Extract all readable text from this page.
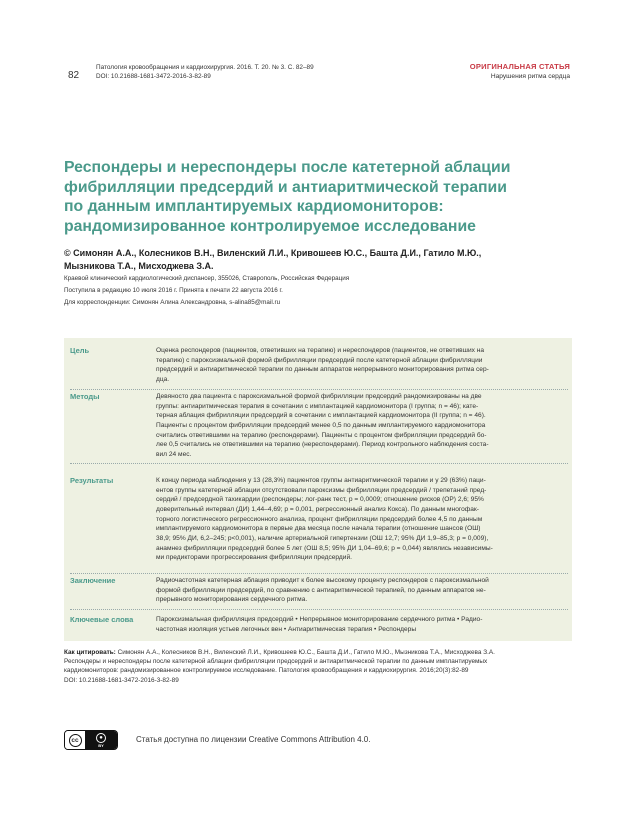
82
Патология кровообращения и кардиохирургия. 2016. Т. 20. № 3. С. 82–89
DOI: 10.21688-1681-3472-2016-3-82-89
ОРИГИНАЛЬНАЯ СТАТЬЯ
Нарушения ритма сердца
Респондеры и нереспондеры после катетерной аблации
фибрилляции предсердий и антиаритмической терапии
по данным имплантируемых кардиомониторов:
рандомизированное контролируемое исследование
© Симонян А.А., Колесников В.Н., Виленский Л.И., Кривошеев Ю.С., Башта Д.И., Гатило М.Ю.,
Мызникова Т.А., Мисходжева З.А.
Краевой клинический кардиологический диспансер, 355026, Ставрополь, Российская Федерация
Поступила в редакцию 10 июля 2016 г. Принята к печати 22 августа 2016 г.
Для корреспонденции: Симонян Алина Александровна, s-alina85@mail.ru
Цель	Оценка респондеров (пациентов, ответивших на терапию) и нереспондеров (пациентов, не ответивших на
терапию) с пароксизмальной формой фибрилляции предсердий после катетерной аблации фибрилляции
предсердий и антиаритмической терапии по данным аппаратов непрерывного мониторирования ритма сер-
дца.
Методы	Девяносто два пациента с пароксизмальной формой фибрилляции предсердий рандомизированы на две
группы: антиаритмическая терапия в сочетании с имплантацией кардиомонитора (I группа; n = 46); кате-
терная аблация фибрилляции предсердий в сочетании с имплантацией кардиомонитора (II группа; n = 46).
Пациенты с процентом фибрилляции предсердий менее 0,5 по данным имплантируемого кардиомонитора
считались ответившими на терапию (респондерами). Пациенты с процентом фибрилляции предсердий бо-
лее 0,5 считались не ответившими на терапию (нереспондерами). Период контрольного наблюдения соста-
вил 24 мес.
Результаты	К концу периода наблюдения у 13 (28,3%) пациентов группы антиаритмической терапии и у 29 (63%) паци-
ентов группы катетерной аблации отсутствовали пароксизмы фибрилляции предсердий / трепетаний пред-
сердий / предсердной тахикардии (респондеры; лог-ранк тест, р = 0,0009; отношение рисков (ОР) 2,6; 95%
доверительный интервал (ДИ) 1,44–4,69; р = 0,001, регрессионный анализ Кокса). По данным многофак-
торного логистического регрессионного анализа, процент фибрилляции предсердий более 4,5 по данным
имплантируемого кардиомонитора в первые два месяца после начала терапии (отношение шансов (ОШ)
38,9; 95% ДИ, 6,2–245; р<0,001), наличие артериальной гипертензии (ОШ 12,7; 95% ДИ 1,9–85,3; р = 0,009),
анамнез фибрилляции предсердий более 5 лет (ОШ 8,5; 95% ДИ 1,04–69,6; р = 0,044) являлись независимы-
ми предикторами прогрессирования фибрилляции предсердий.
Заключение	Радиочастотная катетерная аблация приводит к более высокому проценту респондеров с пароксизмальной
формой фибрилляции предсердий, по сравнению с антиаритмической терапией, по данным аппаратов не-
прерывного мониторирования сердечного ритма.
Ключевые слова	Пароксизмальная фибрилляция предсердий • Непрерывное мониторирование сердечного ритма • Радио-
частотная изоляция устьев легочных вен • Антиаритмическая терапия • Респондеры
Как цитировать: Симонян А.А., Колесников В.Н., Виленский Л.И., Кривошеев Ю.С., Башта Д.И., Гатило М.Ю., Мызникова Т.А., Мисходжева З.А.
Респондеры и нереспондеры после катетерной аблации фибрилляции предсердий и антиаритмической терапии по данным имплантируемых
кардиомониторов: рандомизированное контролируемое исследование. Патология кровообращения и кардиохирургия. 2016;20(3):82-89
DOI: 10.21688-1681-3472-2016-3-82-89
cc	●
BY
Статья доступна по лицензии Creative Commons Attribution 4.0.
